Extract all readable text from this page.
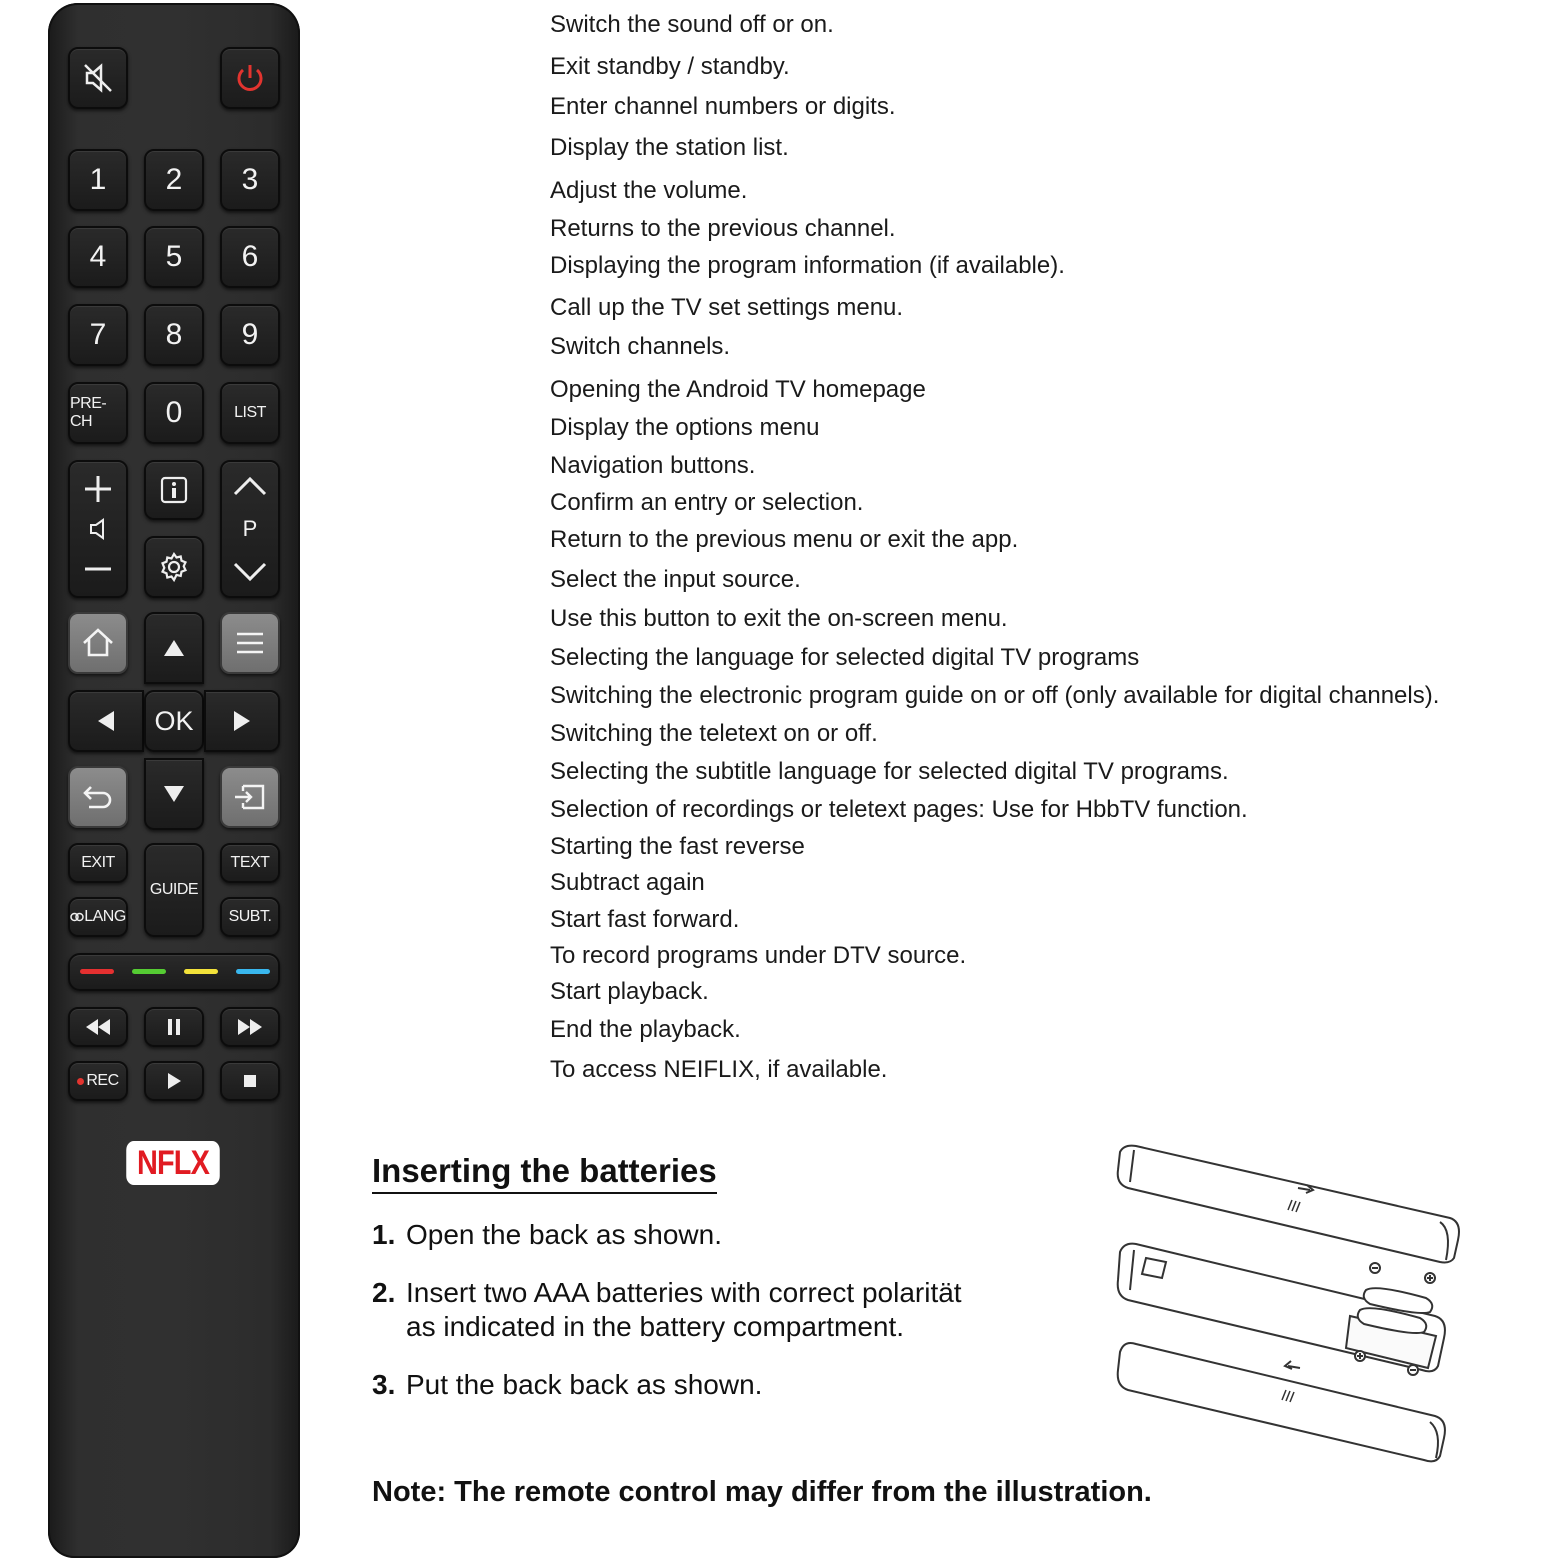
1	2	3
4	5	6
7	8	9
PRE-CH	0	LIST
P
OK
EXIT
GUIDE
TEXT
LANG	SUBT.
REC
NFLX
Switch the sound off or on.
Exit standby / standby.
Enter channel numbers or digits.
Display the station list.
Adjust the volume.
Returns to the previous channel.
Displaying the program information (if available).
Call up the TV set settings menu.
Switch channels.
Opening the Android TV homepage
Display the options menu
Navigation buttons.
Confirm an entry or selection.
Return to the previous menu or exit the app.
Select the input source.
Use this button to exit the on-screen menu.
Selecting the language for selected digital TV programs
Switching the electronic program guide on or off (only available for digital channels).
Switching the teletext on or off.
Selecting the subtitle language for selected digital TV programs.
Selection of recordings or teletext pages: Use for HbbTV function.
Starting the fast reverse
Subtract again
Start fast forward.
To record programs under DTV source.
Start playback.
End the playback.
To access NEIFLIX, if available.
Inserting the batteries
1. Open the back as shown.
2. Insert two AAA batteries with correct polarität
as indicated in the battery compartment.
3. Put the back back as shown.
Note: The remote control may differ from the illustration.
